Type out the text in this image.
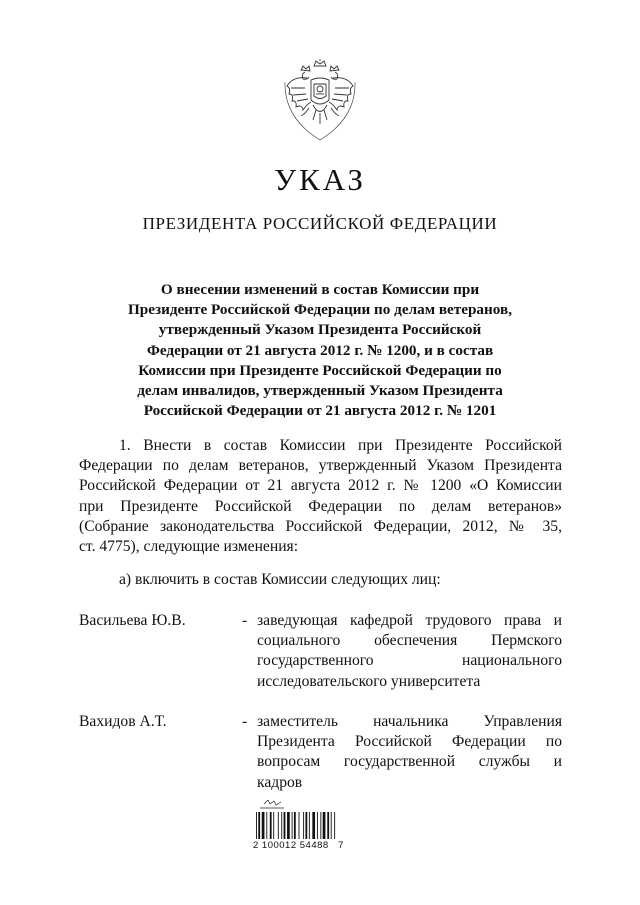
УКАЗ
ПРЕЗИДЕНТА РОССИЙСКОЙ ФЕДЕРАЦИИ
О внесении изменений в состав Комиссии при
Президенте Российской Федерации по делам ветеранов,
утвержденный Указом Президента Российской
Федерации от 21 августа 2012 г. № 1200, и в состав
Комиссии при Президенте Российской Федерации по
делам инвалидов, утвержденный Указом Президента
Российской Федерации от 21 августа 2012 г. № 1201
1. Внести в состав Комиссии при Президенте Российской
Федерации по делам ветеранов, утвержденный Указом Президента
Российской Федерации от 21 августа 2012 г. № 1200 «О Комиссии
при Президенте Российской Федерации по делам ветеранов»
(Собрание законодательства Российской Федерации, 2012, № 35,
ст. 4775), следующие изменения:
а) включить в состав Комиссии следующих лиц:
Васильева Ю.В.	- заведующая кафедрой трудового права и
социального обеспечения Пермского
государственного национального
исследовательского университета
Вахидов А.Т.	- заместитель начальника Управления
Президента Российской Федерации по
вопросам государственной службы и
кадров
2 100012 54488   7
